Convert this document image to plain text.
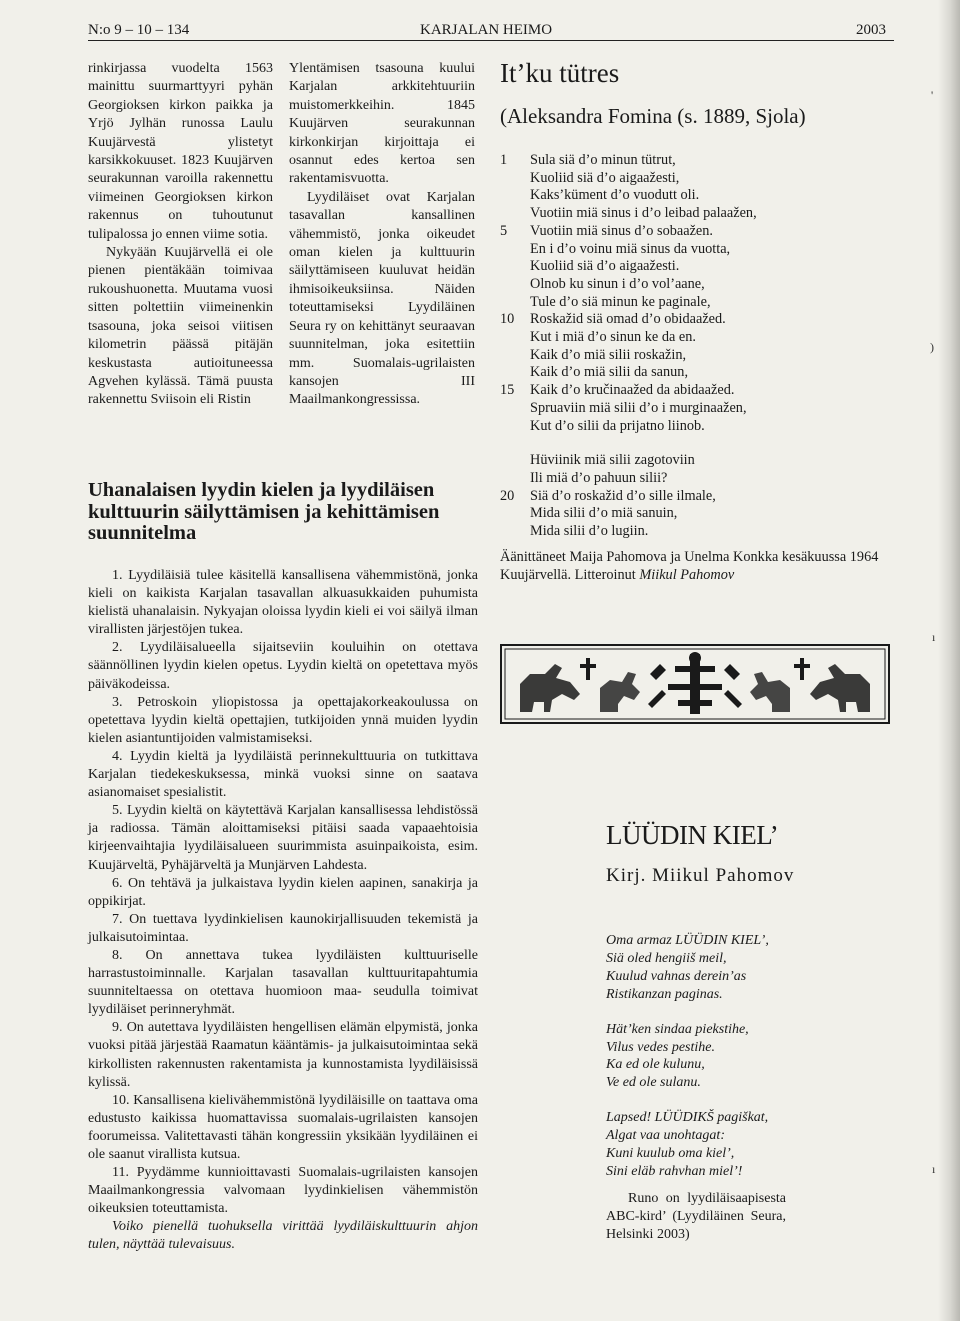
'
)
ı
ı
N:o 9 – 10 – 134	KARJALAN HEIMO	2003

rinkirjassa vuodelta 1563 mainittu suurmarttyyri pyhän Georgioksen kirkon paikka ja Yrjö Jylhän runossa Laulu Kuujärvestä ylistetyt karsikkokuuset. 1823 Kuujärven seurakunnan varoilla rakennettu viimeinen Georgioksen kirkon rakennus on tuhoutunut tulipalossa jo ennen viime sotia.

Nykyään Kuujärvellä ei ole pienen pientäkään toimivaa rukoushuonetta. Muutama vuosi sitten poltettiin viimeinenkin tsasouna, joka seisoi viitisen kilometrin päässä pitäjän keskustasta autioituneessa Agvehen kylässä. Tämä puusta rakennettu Sviisoin eli Ristin

Ylentämisen tsasouna kuului Karjalan arkkitehtuuriin muistomerkkeihin. 1845 Kuujärven seurakunnan kirkonkirjan kirjoittaja ei osannut edes kertoa sen rakentamisvuotta.

Lyydiläiset ovat Karjalan tasavallan kansallinen vähemmistö, jonka oikeudet oman kielen ja kulttuurin säilyttämiseen kuuluvat heidän ihmisoikeuksiinsa. Näiden toteuttamiseksi Lyydiläinen Seura ry on kehittänyt seuraavan suunnitelman, joka esitettiin mm. Suomalais-ugrilaisten kansojen III Maailmankongressissa.

It’ku tütres
(Aleksandra Fomina (s. 1889, Sjola)
1	Sula siä d’o minun tütrut,
Kuoliid siä d’o aigaažesti,
Kaks’küment d’o vuodutt oli.
Vuotiin miä sinus i d’o leibad palaažen,
5	Vuotiin miä sinus d’o sobaažen.
En i d’o voinu miä sinus da vuotta,
Kuoliid siä d’o aigaažesti.
Olnob ku sinun i d’o vol’aane,
Tule d’o siä minun ke paginale,
10	Roskažid siä omad d’o obidaažed.
Kut i miä d’o sinun ke da en.
Kaik d’o miä silii roskažin,
Kaik d’o miä silii da sanun,
15	Kaik d’o kručinaažed da abidaažed.
Spruaviin miä silii d’o i murginaažen,
Kut d’o silii da prijatno liinob.
Hüviinik miä silii zagotoviin
Ili miä d’o pahuun silii?
20	Siä d’o roskažid d’o sille ilmale,
Mida silii d’o miä sanuin,
Mida silii d’o lugiin.
Äänittäneet Maija Pahomova ja Unelma Konkka kesäkuussa 1964 Kuujärvellä. Litteroinut Miikul Pahomov
Uhanalaisen lyydin kielen ja lyydiläisen kulttuurin säilyttämisen ja kehittämisen suunnitelma

1. Lyydiläisiä tulee käsitellä kansallisena vähemmistönä, jonka kieli on kaikista Karjalan tasavallan alkuasukkaiden puhumista kielistä uhanalaisin. Nykyajan oloissa lyydin kieli ei voi säilyä ilman virallisten järjestöjen tukea.

2. Lyydiläisalueella sijaitseviin kouluihin on otettava säännöllinen lyydin kielen opetus. Lyydin kieltä on opetettava myös päiväkodeissa.

3. Petroskoin yliopistossa ja opettajakorkeakoulussa on opetettava lyydin kieltä opettajien, tutkijoiden ynnä muiden lyydin kielen asiantuntijoiden valmistamiseksi.

4. Lyydin kieltä ja lyydiläistä perinnekulttuuria on tutkittava Karjalan tiedekeskuksessa, minkä vuoksi sinne on saatava asianomaiset spesialistit.

5. Lyydin kieltä on käytettävä Karjalan kansallisessa lehdistössä ja radiossa. Tämän aloittamiseksi pitäisi saada vapaaehtoisia kirjeenvaihtajia lyydiläisalueen suurimmista asuinpaikoista, esim. Kuujärveltä, Pyhäjärveltä ja Munjärven Lahdesta.

6. On tehtävä ja julkaistava lyydin kielen aapinen, sanakirja ja oppikirjat.

7. On tuettava lyydinkielisen kaunokirjallisuuden tekemistä ja julkaisutoimintaa.

8. On annettava tukea lyydiläisten kulttuuriselle harrastustoiminnalle. Karjalan tasavallan kulttuuritapahtumia suunniteltaessa on otettava huomioon maa- seudulla toimivat lyydiläiset perinneryhmät.

9. On autettava lyydiläisten hengellisen elämän elpymistä, jonka vuoksi pitää järjestää Raamatun kääntämis- ja julkaisutoimintaa sekä kirkollisten rakennusten rakentamista ja kunnostamista lyydiläisissä kylissä.

10. Kansallisena kielivähemmistönä lyydiläisille on taattava oma edustusto kaikissa huomattavissa suomalais-ugrilaisten kansojen foorumeissa. Valitettavasti tähän kongressiin yksikään lyydiläinen ei ole saanut virallista kutsua.

11. Pyydämme kunnioittavasti Suomalais-ugrilaisten kansojen Maailmankongressia valvomaan lyydinkielisen vähemmistön oikeuksien toteuttamista.

Voiko pienellä tuohuksella virittää lyydiläiskulttuurin ahjon tulen, näyttää tulevaisuus.

LÜÜDIN KIEL’
Kirj. Miikul Pahomov
Oma armaz LÜÜDIN KIEL’,
Siä oled hengiiš meil,
Kuulud vahnas derein’as
Ristikanzan paginas.
Hät’ken sindaa piekstihe,
Vilus vedes pestihe.
Ka ed ole kulunu,
Ve ed ole sulanu.
Lapsed! LÜÜDIKŠ pagiškat,
Algat vaa unohtagat:
Kuni kuulub oma kiel’,
Sini eläb rahvhan miel’!
Runo on lyydiläisaapisesta ABC-kird’ (Lyydiläinen Seura, Helsinki 2003)
